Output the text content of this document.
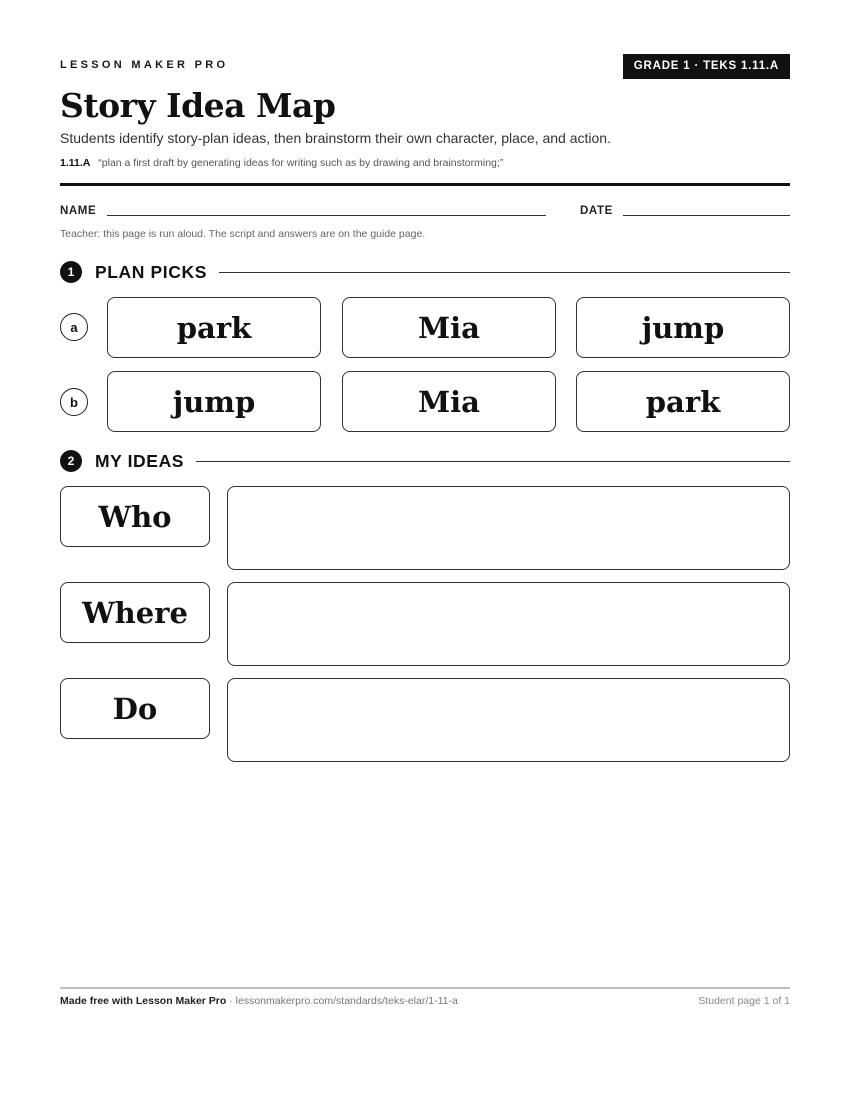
LESSON MAKER PRO	GRADE 1 · TEKS 1.11.A
Story Idea Map
Students identify story-plan ideas, then brainstorm their own character, place, and action.
1.11.A “plan a first draft by generating ideas for writing such as by drawing and brainstorming;”
NAME	DATE
Teacher: this page is run aloud. The script and answers are on the guide page.
1	PLAN PICKS
a	park	Mia	jump
b	jump	Mia	park
2	MY IDEAS
Who
Where
Do
Made free with Lesson Maker Pro · lessonmakerpro.com/standards/teks-elar/1-11-a	Student page 1 of 1
